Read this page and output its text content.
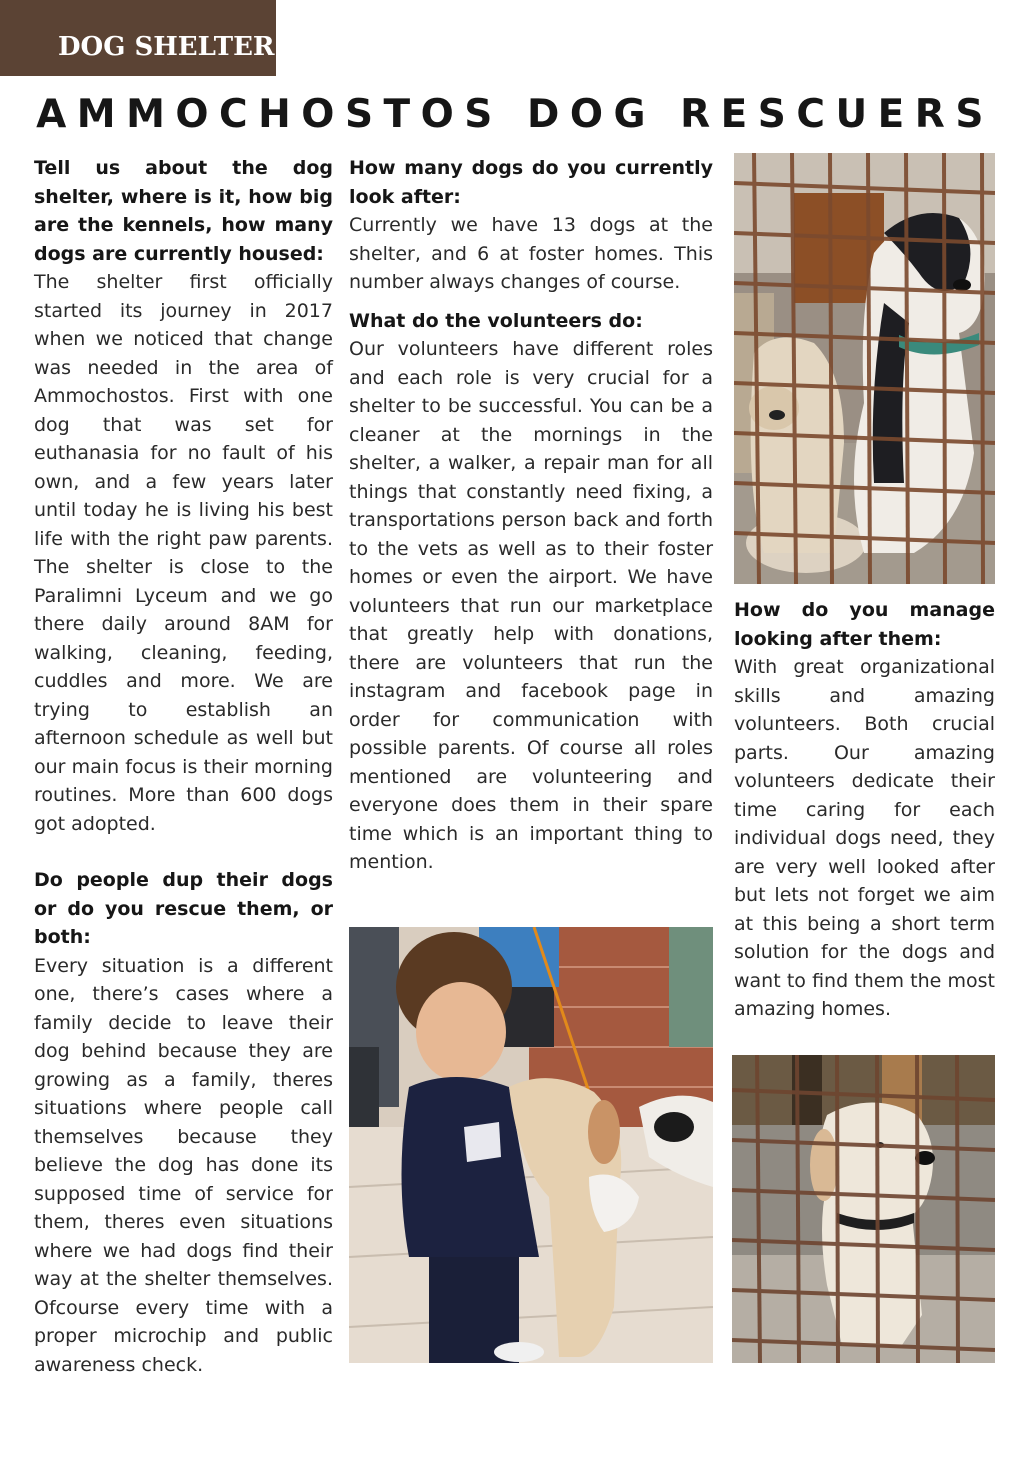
DOG SHELTER
AMMOCHOSTOS DOG RESCUERS

Tell us about the dog shelter, where is it, how big are the kennels, how many dogs are currently housed:

The shelter first officially started its journey in 2017 when we noticed that change was needed in the area of Ammochostos. First with one dog that was set for euthanasia for no fault of his own, and a few years later until today he is living his best life with the right paw parents. The shelter is close to the Paralimni Lyceum and we go there daily around 8AM for walking, cleaning, feeding, cuddles and more. We are trying to establish an afternoon schedule as well but our main focus is their morning routines. More than 600 dogs got adopted.

Do people dup their dogs or do you rescue them, or both:

Every situation is a different one, there’s cases where a family decide to leave their dog behind because they are growing as a family, theres situations where people call themselves because they believe the dog has done its supposed time of service for them, theres even situations where we had dogs find their way at the shelter themselves. Ofcourse every time with a proper microchip and public awareness check.

How many dogs do you currently look after:

Currently we have 13 dogs at the shelter, and 6 at foster homes. This number always changes of course.

What do the volunteers do:

Our volunteers have different roles and each role is very crucial for a shelter to be successful. You can be a cleaner at the mornings in the shelter, a walker, a repair man for all things that constantly need fixing, a transportations person back and forth to the vets as well as to their foster homes or even the airport. We have volunteers that run our marketplace that greatly help with donations, there are volunteers that run the instagram and facebook page in order for communication with possible parents. Of course all roles mentioned are volunteering and everyone does them in their spare time which is an important thing to mention.

How do you manage looking after them:

With great organizational skills and amazing volunteers. Both crucial parts. Our amazing volunteers dedicate their time caring for each individual dogs need, they are very well looked after but lets not forget we aim at this being a short term solution for the dogs and want to find them the most amazing homes.
